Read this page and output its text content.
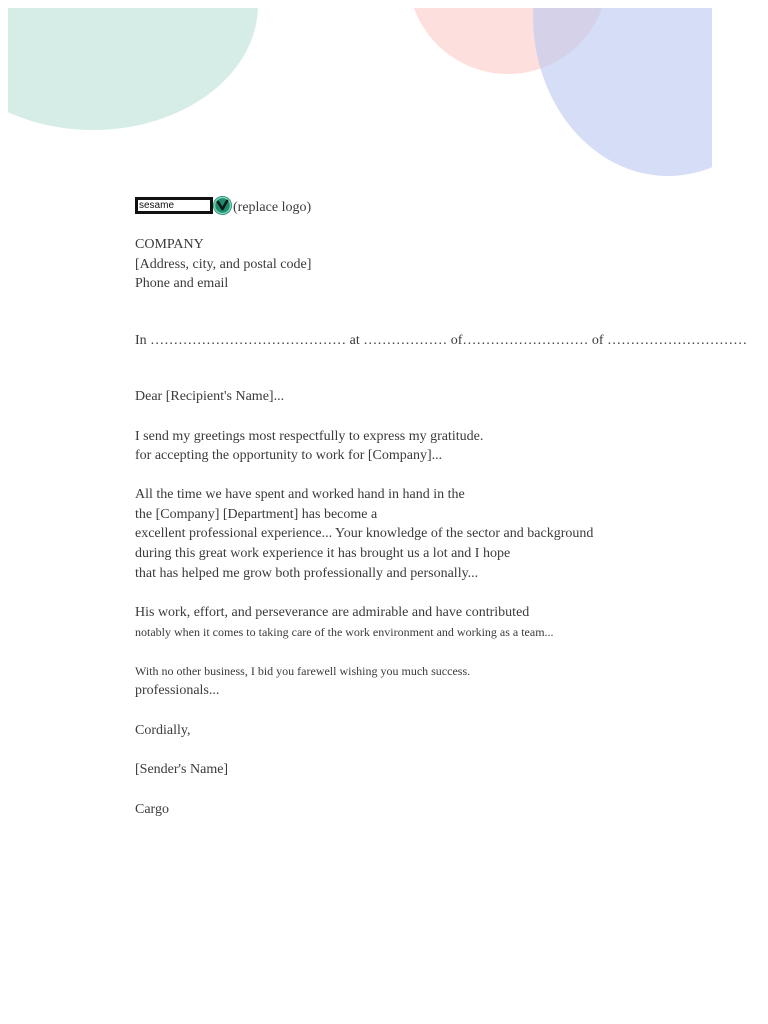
sesame	(replace logo)
COMPANY
[Address, city, and postal code]
Phone and email
In …………………………………… at ……………… of……………………… of …………………………
Dear [Recipient's Name]...
I send my greetings most respectfully to express my gratitude.
for accepting the opportunity to work for [Company]...
All the time we have spent and worked hand in hand in the
the [Company] [Department] has become a
excellent professional experience... Your knowledge of the sector and background
during this great work experience it has brought us a lot and I hope
that has helped me grow both professionally and personally...
His work, effort, and perseverance are admirable and have contributed
notably when it comes to taking care of the work environment and working as a team...
With no other business, I bid you farewell wishing you much success.
professionals...
Cordially,
[Sender's Name]
Cargo
